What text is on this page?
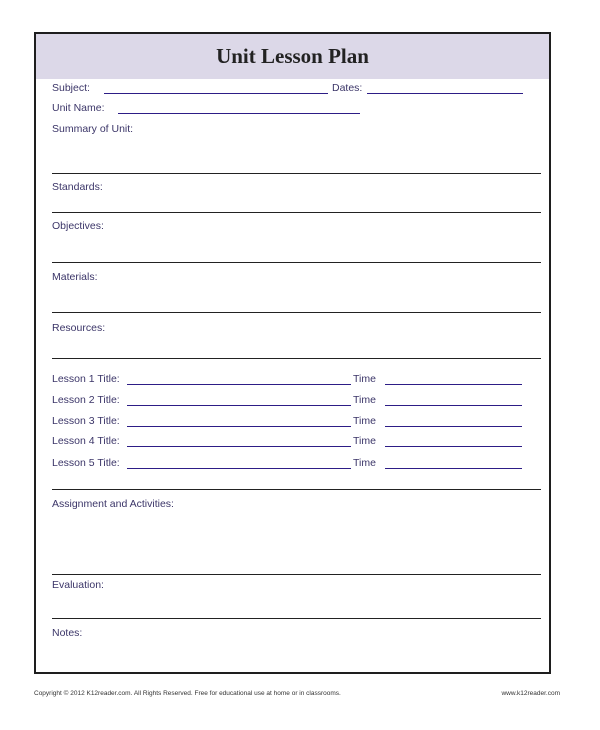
Unit Lesson Plan
Subject:	Dates:
Unit Name:
Summary of Unit:
Standards:
Objectives:
Materials:
Resources:
Lesson 1 Title:	Time
Lesson 2 Title:	Time
Lesson 3 Title:	Time
Lesson 4 Title:	Time
Lesson 5 Title:	Time
Assignment and Activities:
Evaluation:
Notes:
Copyright © 2012 K12reader.com. All Rights Reserved. Free for educational use at home or in classrooms.	www.k12reader.com
